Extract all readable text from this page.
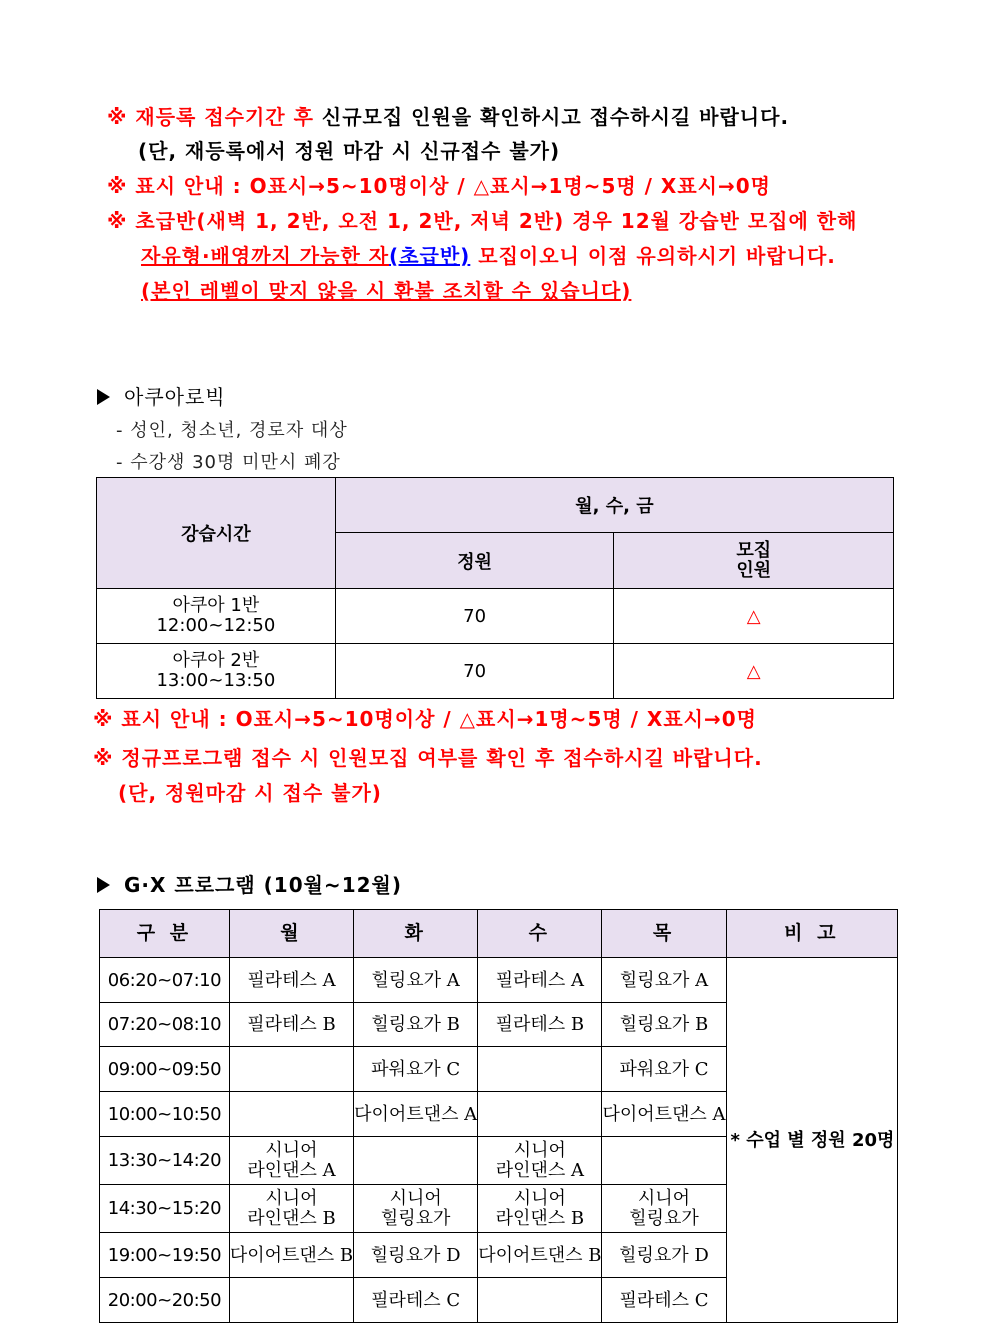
※ 재등록 접수기간 후 신규모집 인원을 확인하시고 접수하시길 바랍니다.
(단, 재등록에서 정원 마감 시 신규접수 불가)
※ 표시 안내 : O표시→5~10명이상 / △표시→1명~5명 / X표시→0명
※ 초급반(새벽 1, 2반, 오전 1, 2반, 저녁 2반) 경우 12월 강습반 모집에 한해
자유형·배영까지 가능한 자(초급반) 모집이오니 이점 유의하시기 바랍니다.
(본인 레벨이 맞지 않을 시 환불 조치할 수 있습니다)
아쿠아로빅
- 성인, 청소년, 경로자 대상
- 수강생 30명 미만시 폐강
강습시간	월, 수, 금	
	정원	모집
인원
아쿠아 1반
12:00~12:50	70	△
아쿠아 2반
13:00~13:50	70	△
※ 표시 안내 : O표시→5~10명이상 / △표시→1명~5명 / X표시→0명
※ 정규프로그램 접수 시 인원모집 여부를 확인 후 접수하시길 바랍니다.
(단, 정원마감 시 접수 불가)
G·X 프로그램 (10월~12월)
구 분	월	화	수	목	비 고
06:20~07:10	필라테스 A	힐링요가 A	필라테스 A	힐링요가 A	* 수업 별 정원 20명
07:20~08:10	필라테스 B	힐링요가 B	필라테스 B	힐링요가 B	
09:00~09:50		파워요가 C		파워요가 C	
10:00~10:50		다이어트댄스 A		다이어트댄스 A	
13:30~14:20	시니어
라인댄스 A		시니어
라인댄스 A		
14:30~15:20	시니어
라인댄스 B	시니어
힐링요가	시니어
라인댄스 B	시니어
힐링요가	
19:00~19:50	다이어트댄스 B	힐링요가 D	다이어트댄스 B	힐링요가 D	
20:00~20:50		필라테스 C		필라테스 C	
